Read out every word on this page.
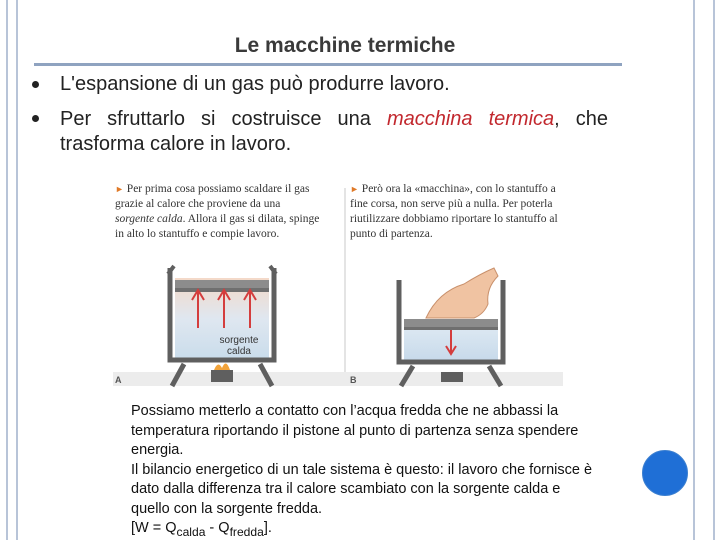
Le macchine termiche
L'espansione di un gas può produrre lavoro.
Per sfruttarlo si costruisce una macchina termica, che trasforma calore in lavoro.
► Per prima cosa possiamo scaldare il gas grazie al calore che proviene da una sorgente calda. Allora il gas si dilata, spinge in alto lo stantuffo e compie lavoro.
► Però ora la «macchina», con lo stantuffo a fine corsa, non serve più a nulla. Per poterla riutilizzare dobbiamo riportare lo stantuffo al punto di partenza.
sorgente
calda
A	B

Possiamo metterlo a contatto con l’acqua fredda che ne abbassi la temperatura riportando il pistone al punto di partenza senza spendere energia.

Il bilancio energetico di un tale sistema è questo: il lavoro che fornisce è dato dalla differenza tra il calore scambiato con la sorgente calda e quello con la sorgente fredda.

$[W = Q_{calda} - Q_{fredda}]$.
